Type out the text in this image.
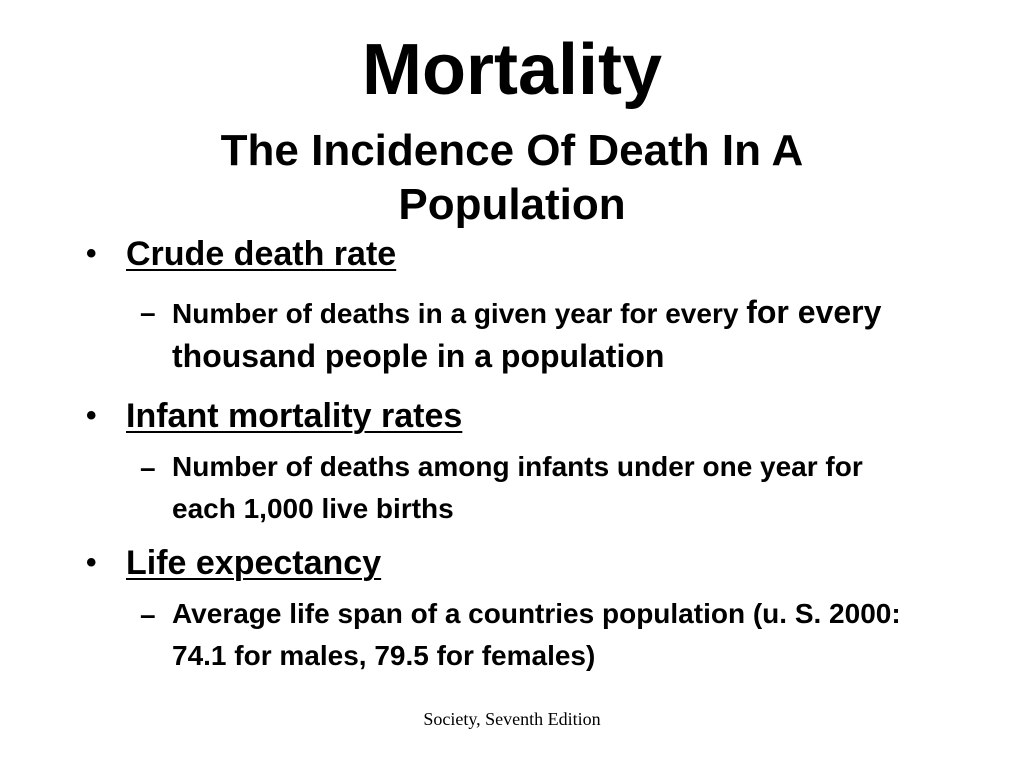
Mortality
The Incidence Of Death In A Population
• Crude death rate
– Number of deaths in a given year for every for every thousand people in a population
• Infant mortality rates
– Number of deaths among infants under one year for each 1,000 live births
• Life expectancy
– Average life span of a countries population (u. S. 2000: 74.1 for males, 79.5 for females)
Society, Seventh Edition
